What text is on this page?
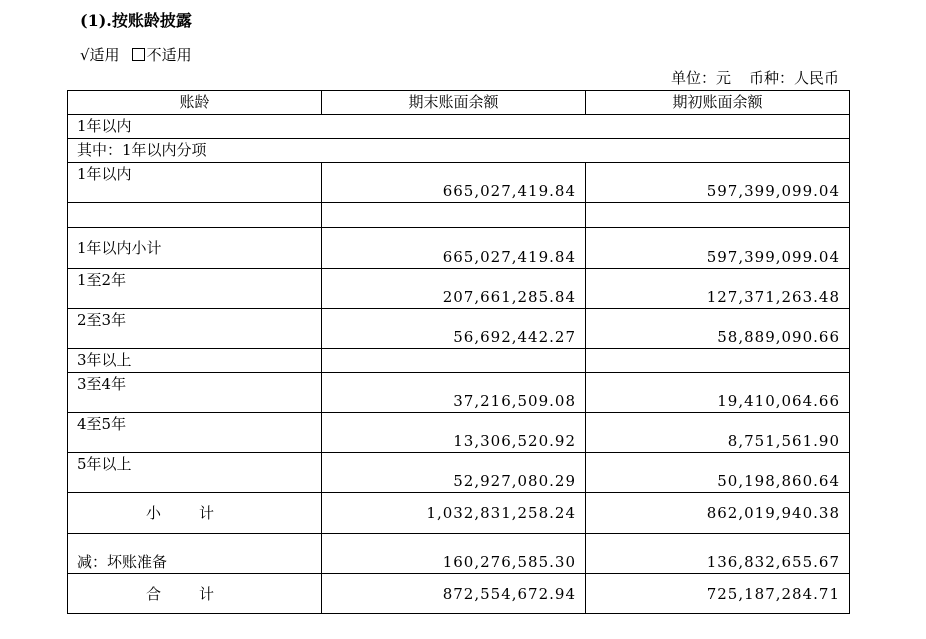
(1).按账龄披露
√适用 不适用
单位：元 币种：人民币
账龄	期末账面余额	期初账面余额
1年以内		
其中：1年以内分项		
1年以内	665,027,419.84	597,399,099.04

1年以内小计	665,027,419.84	597,399,099.04
1至2年	207,661,285.84	127,371,263.48
2至3年	56,692,442.27	58,889,090.66
3年以上		
3至4年	37,216,509.08	19,410,064.66
4至5年	13,306,520.92	8,751,561.90
5年以上	52,927,080.29	50,198,860.64
小计	1,032,831,258.24	862,019,940.38
减：坏账准备	160,276,585.30	136,832,655.67
合计	872,554,672.94	725,187,284.71
